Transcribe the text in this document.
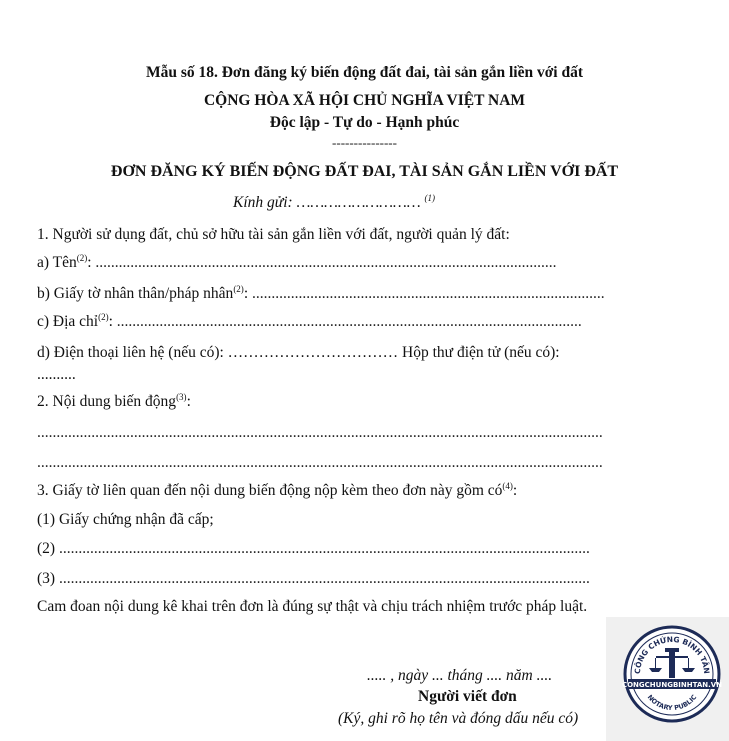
Mẫu số 18. Đơn đăng ký biến động đất đai, tài sản gắn liền với đất
CỘNG HÒA XÃ HỘI CHỦ NGHĨA VIỆT NAM
Độc lập - Tự do - Hạnh phúc
---------------
ĐƠN ĐĂNG KÝ BIẾN ĐỘNG ĐẤT ĐAI, TÀI SẢN GẮN LIỀN VỚI ĐẤT
Kính gửi: ……………………… $^{(1)}$
1. Người sử dụng đất, chủ sở hữu tài sản gắn liền với đất, người quản lý đất:
a) Tên$^{(2)}$: .......................................................................................................................
b) Giấy tờ nhân thân/pháp nhân$^{(2)}$: ...........................................................................................
c) Địa chỉ$^{(2)}$: ........................................................................................................................
d) Điện thoại liên hệ (nếu có): …………………………… Hộp thư điện tử (nếu có):
..........
2. Nội dung biến động$^{(3)}$:
..................................................................................................................................................
..................................................................................................................................................
3. Giấy tờ liên quan đến nội dung biến động nộp kèm theo đơn này gồm $có^{(4)}$:
(1) Giấy chứng nhận đã cấp;
(2) .........................................................................................................................................
(3) .........................................................................................................................................
Cam đoan nội dung kê khai trên đơn là đúng sự thật và chịu trách nhiệm trước pháp luật.
..... , ngày ... tháng .... năm ....
Người viết đơn
(Ký, ghi rõ họ tên và đóng dấu nếu có)
CÔNG CHỨNG BÌNH TÂN
NOTARY PUBLIC
CONGCHUNGBINHTAN.VN
